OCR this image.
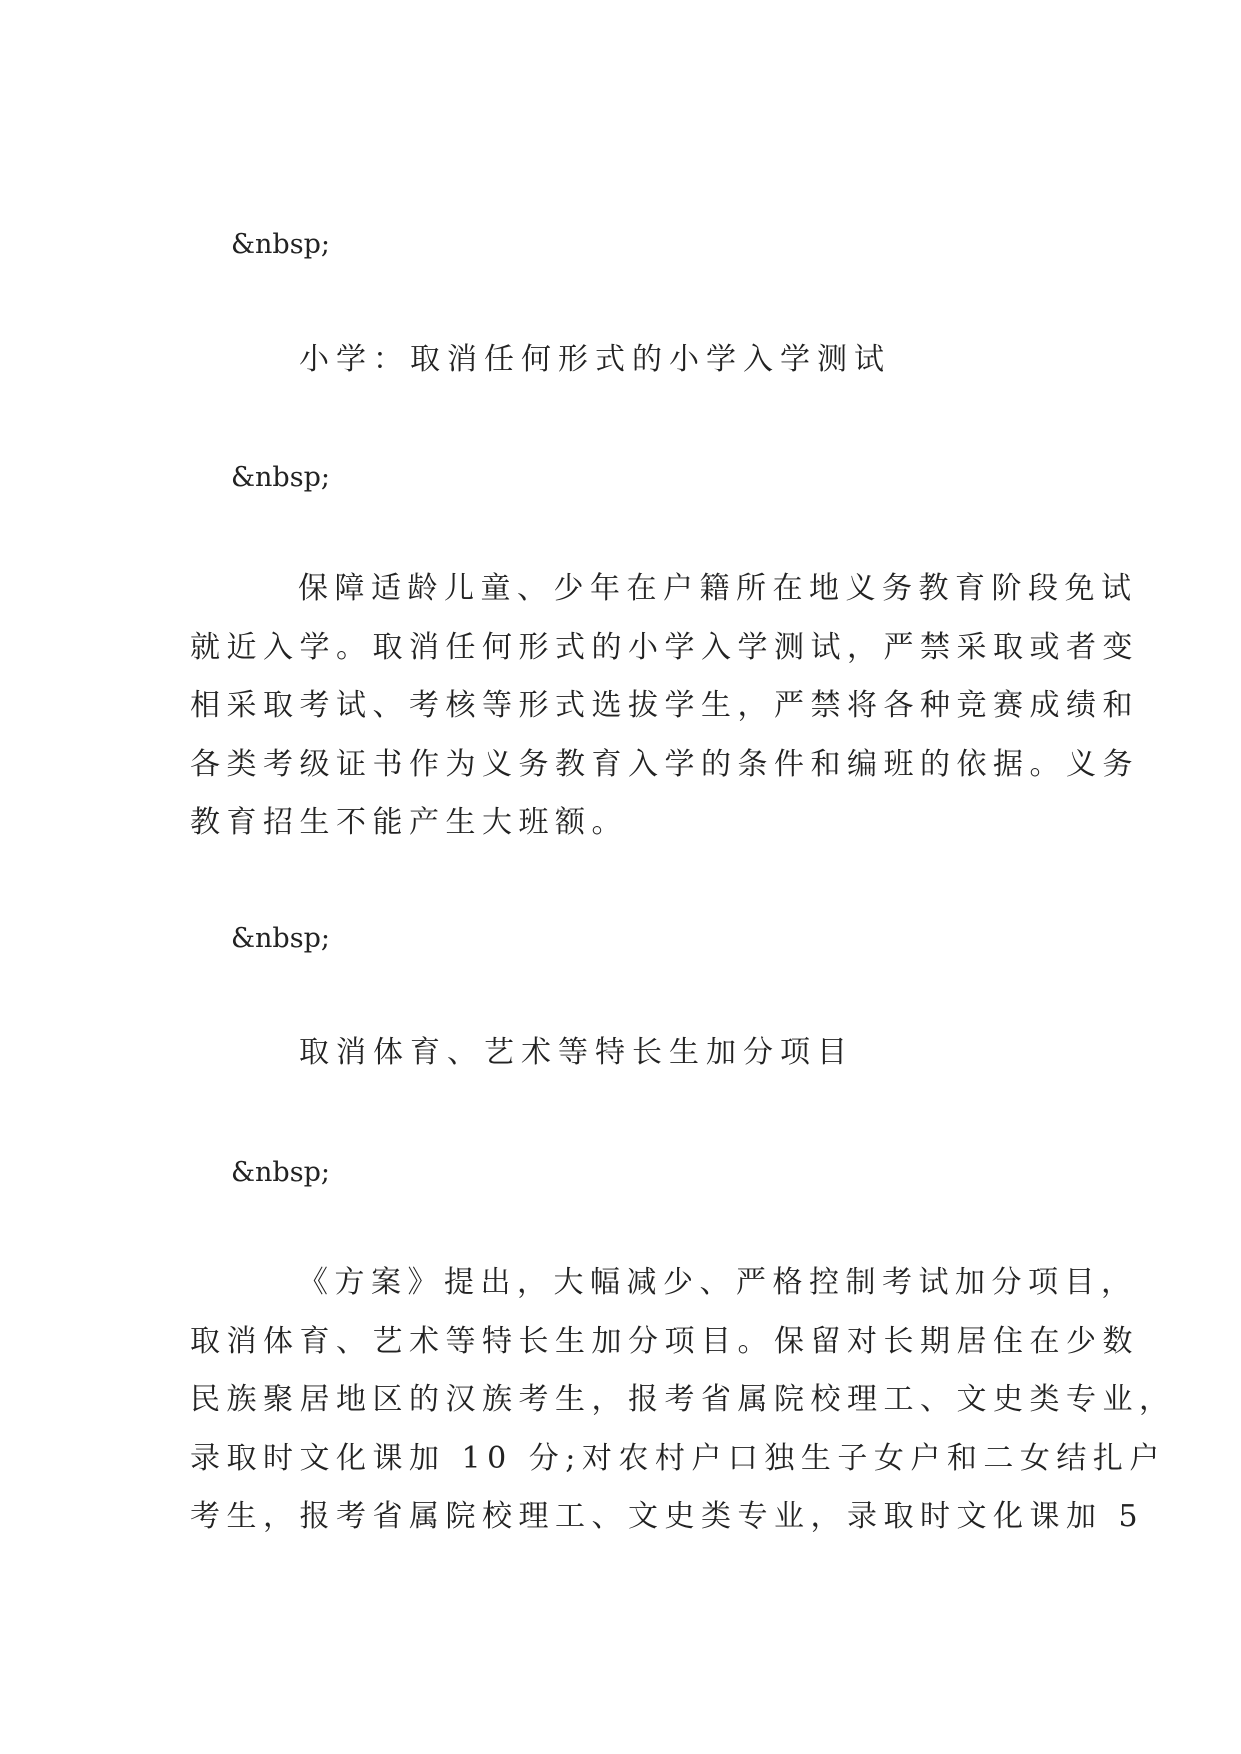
&nbsp;
小学：取消任何形式的小学入学测试
&nbsp;
保障适龄儿童、少年在户籍所在地义务教育阶段免试
就近入学。取消任何形式的小学入学测试，严禁采取或者变
相采取考试、考核等形式选拔学生，严禁将各种竞赛成绩和
各类考级证书作为义务教育入学的条件和编班的依据。义务
教育招生不能产生大班额。
&nbsp;
取消体育、艺术等特长生加分项目
&nbsp;
《方案》提出，大幅减少、严格控制考试加分项目，
取消体育、艺术等特长生加分项目。保留对长期居住在少数
民族聚居地区的汉族考生，报考省属院校理工、文史类专业，
录取时文化课加 10 分;对农村户口独生子女户和二女结扎户
考生，报考省属院校理工、文史类专业，录取时文化课加 5
